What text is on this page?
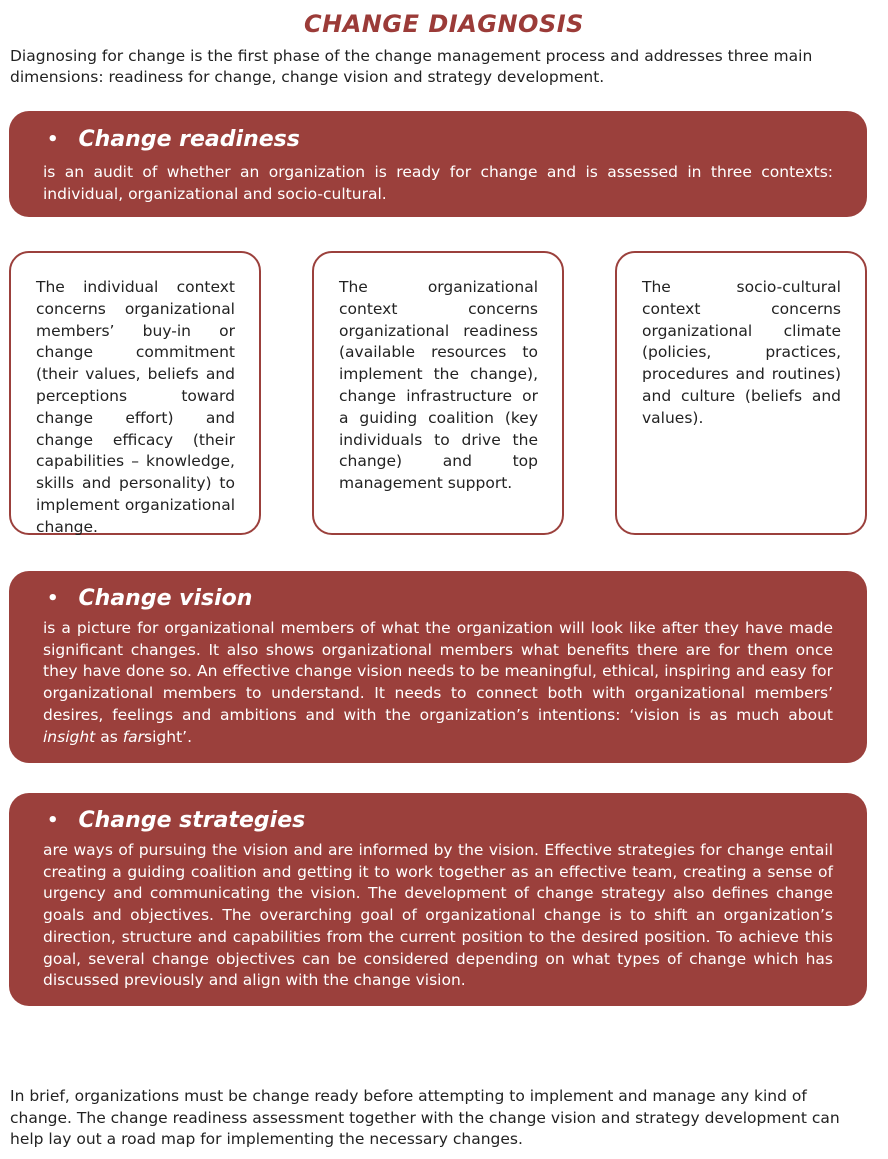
CHANGE DIAGNOSIS
Diagnosing for change is the first phase of the change management process and addresses three main dimensions: readiness for change, change vision and strategy development.
• Change readiness
is an audit of whether an organization is ready for change and is assessed in three contexts: individual, organizational and socio-cultural.
The individual context concerns organizational members’ buy-in or change commitment (their values, beliefs and perceptions toward change effort) and change efficacy (their capabilities – knowledge, skills and personality) to implement organizational change.
The organizational context concerns organizational readiness (available resources to implement the change), change infrastructure or a guiding coalition (key individuals to drive the change) and top management support.
The socio-cultural context concerns organizational climate (policies, practices, procedures and routines) and culture (beliefs and values).
• Change vision
is a picture for organizational members of what the organization will look like after they have made significant changes. It also shows organizational members what benefits there are for them once they have done so. An effective change vision needs to be meaningful, ethical, inspiring and easy for organizational members to understand. It needs to connect both with organizational members’ desires, feelings and ambitions and with the organization’s intentions: ‘vision is as much about insight as farsight’.
• Change strategies
are ways of pursuing the vision and are informed by the vision. Effective strategies for change entail creating a guiding coalition and getting it to work together as an effective team, creating a sense of urgency and communicating the vision. The development of change strategy also defines change goals and objectives. The overarching goal of organizational change is to shift an organization’s direction, structure and capabilities from the current position to the desired position. To achieve this goal, several change objectives can be considered depending on what types of change which has discussed previously and align with the change vision.
In brief, organizations must be change ready before attempting to implement and manage any kind of change. The change readiness assessment together with the change vision and strategy development can help lay out a road map for implementing the necessary changes.
